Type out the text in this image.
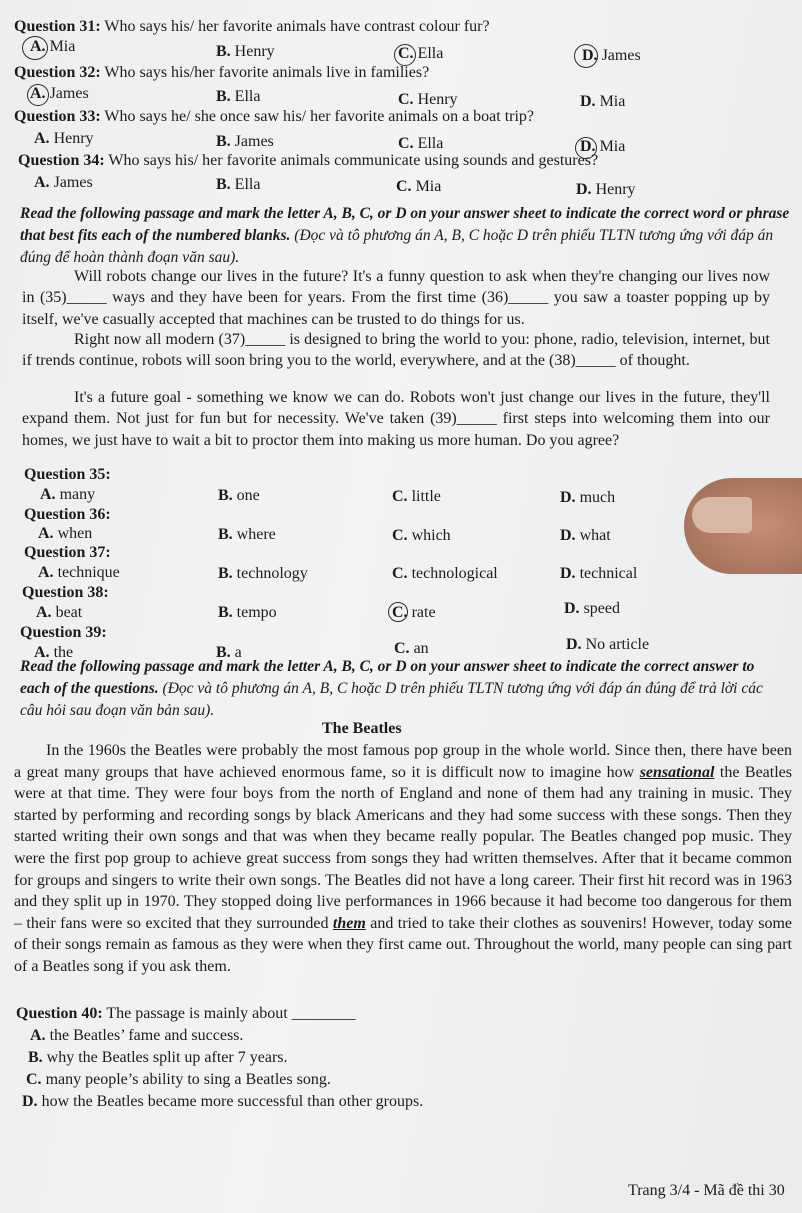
Question 31: Who says his/ her favorite animals have contrast colour fur?
A. Mia	B. Henry	C. Ella	D. James
Question 32: Who says his/her favorite animals live in families?
A. James	B. Ella	C. Henry	D. Mia
Question 33: Who says he/ she once saw his/ her favorite animals on a boat trip?
A. Henry	B. James	C. Ella	D. Mia
Question 34: Who says his/ her favorite animals communicate using sounds and gestures?
A. James	B. Ella	C. Mia	D. Henry
Read the following passage and mark the letter A, B, C, or D on your answer sheet to indicate the correct word or phrase that best fits each of the numbered blanks. (Đọc và tô phương án A, B, C hoặc D trên phiếu TLTN tương ứng với đáp án đúng để hoàn thành đoạn văn sau).
Will robots change our lives in the future? It's a funny question to ask when they're changing our lives now in (35)_____ ways and they have been for years. From the first time (36)_____ you saw a toaster popping up by itself, we've casually accepted that machines can be trusted to do things for us.
Right now all modern (37)_____ is designed to bring the world to you: phone, radio, television, internet, but if trends continue, robots will soon bring you to the world, everywhere, and at the (38)_____ of thought.
It's a future goal - something we know we can do. Robots won't just change our lives in the future, they'll expand them. Not just for fun but for necessity. We've taken (39)_____ first steps into welcoming them into our homes, we just have to wait a bit to proctor them into making us more human. Do you agree?
Question 35:
A. many	B. one	C. little	D. much
Question 36:
A. when	B. where	C. which	D. what
Question 37:
A. technique	B. technology	C. technological	D. technical
Question 38:
A. beat	B. tempo	C. rate	D. speed
Question 39:
A. the	B. a	C. an	D. No article
Read the following passage and mark the letter A, B, C, or D on your answer sheet to indicate the correct answer to each of the questions. (Đọc và tô phương án A, B, C hoặc D trên phiếu TLTN tương ứng với đáp án đúng để trả lời các câu hỏi sau đoạn văn bản sau).
The Beatles
In the 1960s the Beatles were probably the most famous pop group in the whole world. Since then, there have been a great many groups that have achieved enormous fame, so it is difficult now to imagine how sensational the Beatles were at that time. They were four boys from the north of England and none of them had any training in music. They started by performing and recording songs by black Americans and they had some success with these songs. Then they started writing their own songs and that was when they became really popular. The Beatles changed pop music. They were the first pop group to achieve great success from songs they had written themselves. After that it became common for groups and singers to write their own songs. The Beatles did not have a long career. Their first hit record was in 1963 and they split up in 1970. They stopped doing live performances in 1966 because it had become too dangerous for them – their fans were so excited that they surrounded them and tried to take their clothes as souvenirs! However, today some of their songs remain as famous as they were when they first came out. Throughout the world, many people can sing part of a Beatles song if you ask them.
Question 40: The passage is mainly about ________
A. the Beatles’ fame and success.
B. why the Beatles split up after 7 years.
C. many people’s ability to sing a Beatles song.
D. how the Beatles became more successful than other groups.
Trang 3/4 - Mã đề thi 30
